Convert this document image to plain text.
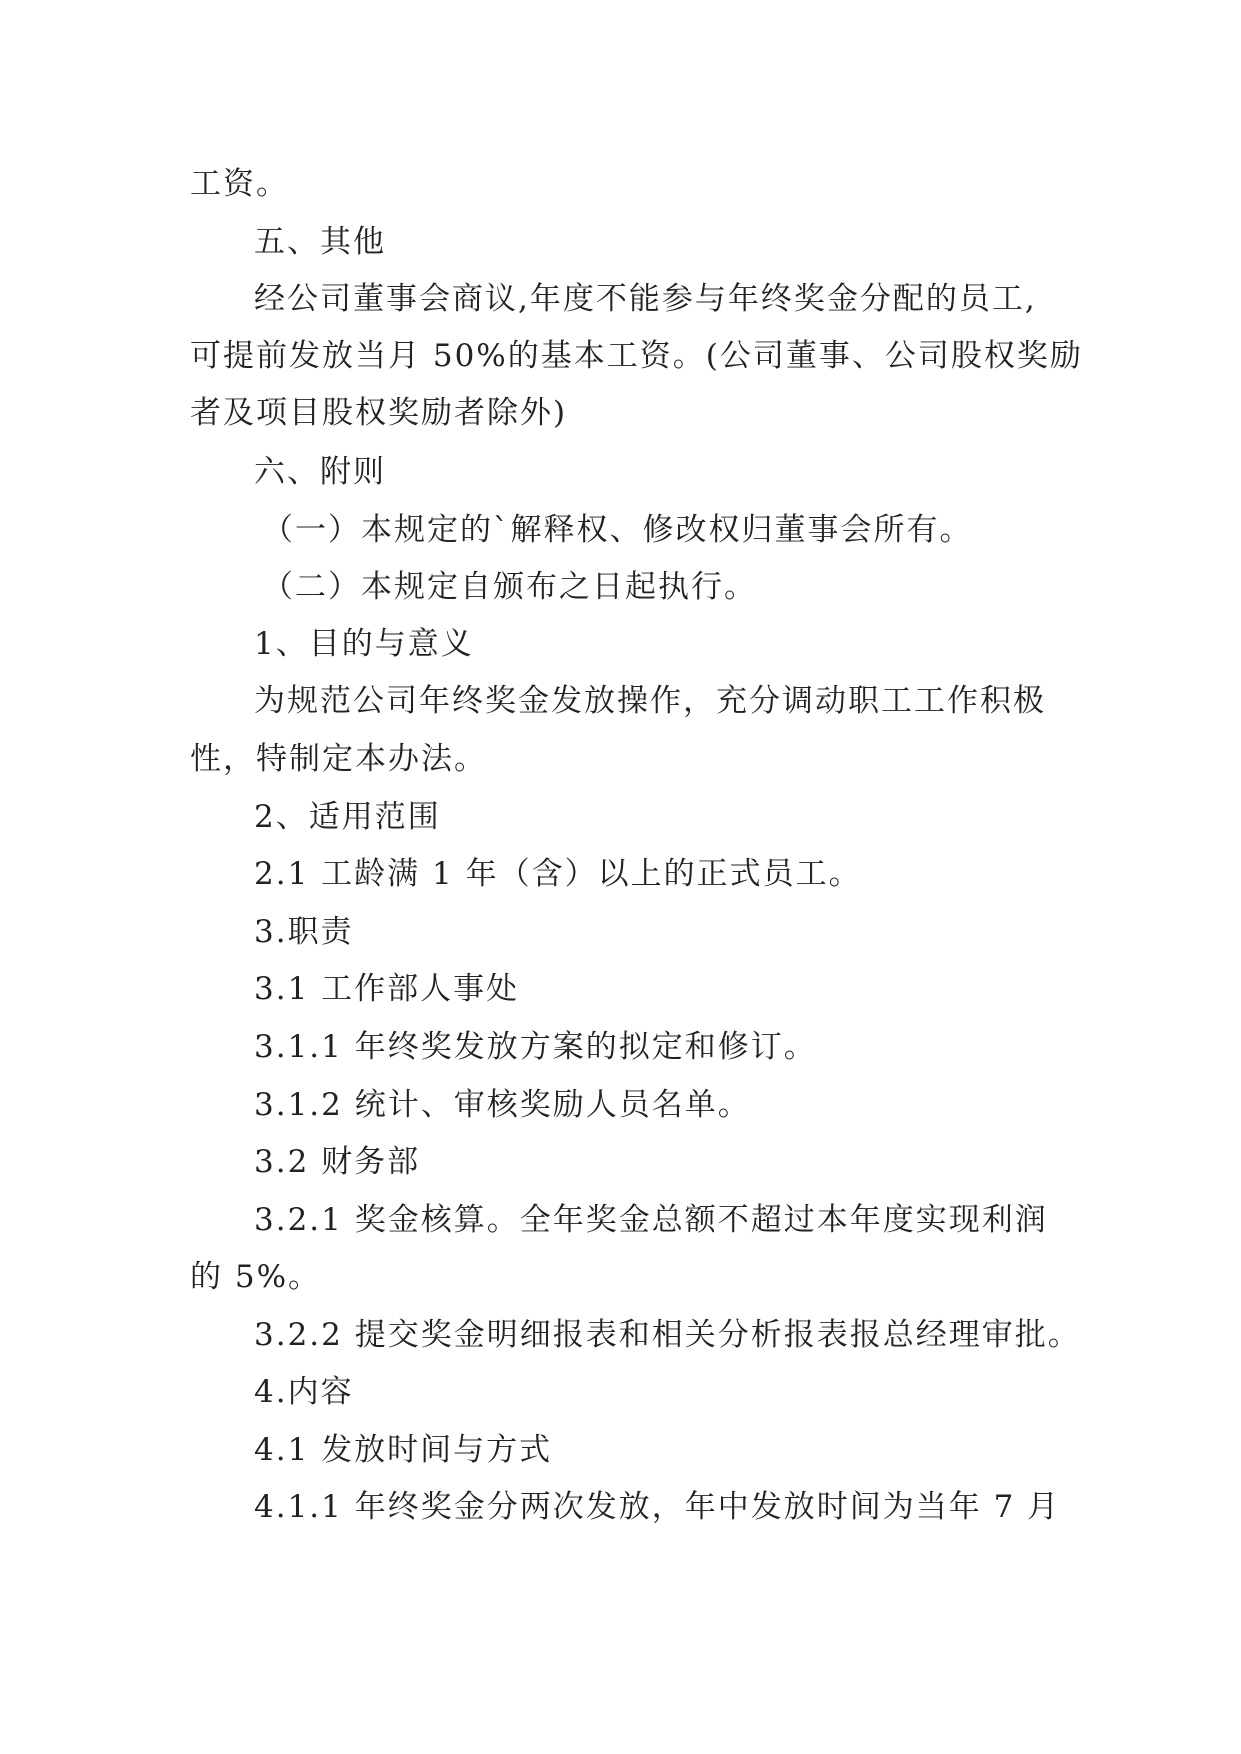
工资。
五、其他
经公司董事会商议,年度不能参与年终奖金分配的员工,
可提前发放当月 50%的基本工资。(公司董事、公司股权奖励
者及项目股权奖励者除外)
六、附则
（一）本规定的`解释权、修改权归董事会所有。
（二）本规定自颁布之日起执行。
1、目的与意义
为规范公司年终奖金发放操作，充分调动职工工作积极
性，特制定本办法。
2、适用范围
2.1 工龄满 1 年（含）以上的正式员工。
3.职责
3.1 工作部人事处
3.1.1 年终奖发放方案的拟定和修订。
3.1.2 统计、审核奖励人员名单。
3.2 财务部
3.2.1 奖金核算。全年奖金总额不超过本年度实现利润
的 5%。
3.2.2 提交奖金明细报表和相关分析报表报总经理审批。
4.内容
4.1 发放时间与方式
4.1.1 年终奖金分两次发放，年中发放时间为当年 7 月
